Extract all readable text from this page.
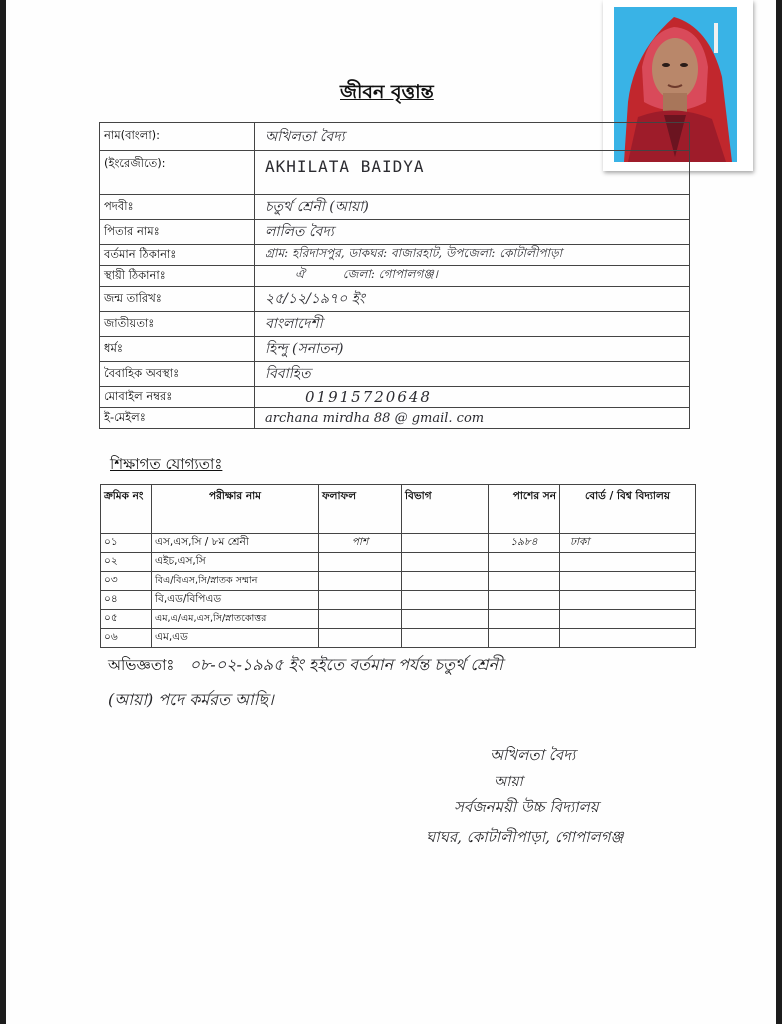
জীবন বৃত্তান্ত
নাম(বাংলা):	অখিলতা বৈদ্য
(ইংরেজীতে):	AKHILATA BAIDYA
পদবীঃ	চতুর্থ শ্রেনী (আয়া)
পিতার নামঃ	লালিত বৈদ্য
বর্তমান ঠিকানাঃ	গ্রাম: হরিদাসপুর, ডাকঘর: বাজারহাট, উপজেলা: কোটালীপাড়া
স্থায়ী ঠিকানাঃ	ঐ          জেলা: গোপালগঞ্জ।
জন্ম তারিখঃ	২৫/১২/১৯৭০ ইং
জাতীয়তাঃ	বাংলাদেশী
ধর্মঃ	হিন্দু (সনাতন)
বৈবাহিক অবস্থাঃ	বিবাহিত
মোবাইল নম্বরঃ	01915720648
ই-মেইলঃ	archana mirdha 88 @ gmail. com
শিক্ষাগত যোগ্যতাঃ
ক্রমিক নং	পরীক্ষার নাম	ফলাফল	বিভাগ	পাশের সন	বোর্ড / বিশ্ব বিদ্যালয়
০১	এস,এস,সি / ৮ম শ্রেনী	পাশ		১৯৮৪	ঢাকা
০২	এইচ,এস,সি				
০৩	বিএ/বিএস,সি/স্নাতক সম্মান				
০৪	বি,এড/বিপিএড				
০৫	এম,এ/এম,এস,সি/স্নাতকোত্তর				
০৬	এম,এড				
অভিজ্ঞতাঃ ০৮-০২-১৯৯৫ ইং হইতে বর্তমান পর্যন্ত চতুর্থ শ্রেনী
(আয়া) পদে কর্মরত আছি।
অখিলতা বৈদ্য
আয়া
সর্বজনময়ী উচ্চ বিদ্যালয়
ঘাঘর, কোটালীপাড়া, গোপালগঞ্জ
